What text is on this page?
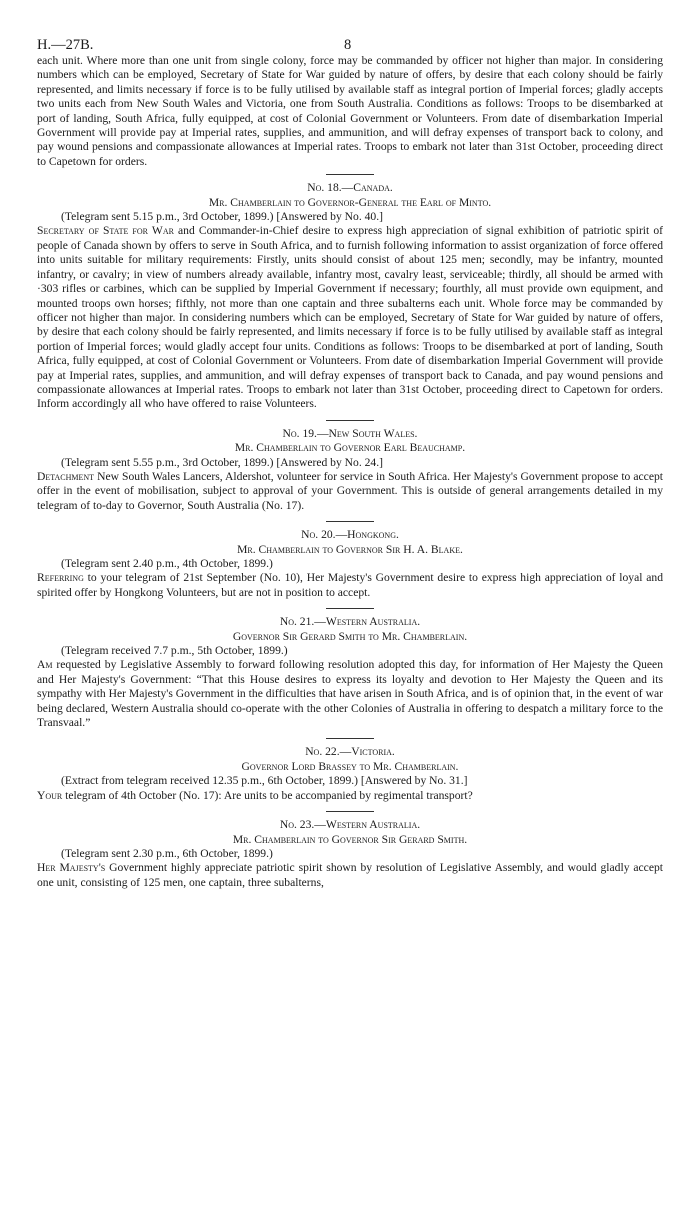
H.—27B.	8

each unit. Where more than one unit from single colony, force may be commanded by officer not higher than major. In considering numbers which can be employed, Secretary of State for War guided by nature of offers, by desire that each colony should be fairly represented, and limits necessary if force is to be fully utilised by available staff as integral portion of Imperial forces; gladly accepts two units each from New South Wales and Victoria, one from South Australia. Conditions as follows: Troops to be disembarked at port of landing, South Africa, fully equipped, at cost of Colonial Government or Volunteers. From date of disembarkation Imperial Government will provide pay at Imperial rates, supplies, and ammunition, and will defray expenses of transport back to colony, and pay wound pensions and compassionate allowances at Imperial rates. Troops to embark not later than 31st October, proceeding direct to Capetown for orders.

No. 18.—Canada.

Mr. Chamberlain to Governor-General the Earl of Minto.

(Telegram sent 5.15 p.m., 3rd October, 1899.) [Answered by No. 40.]

Secretary of State for War and Commander-in-Chief desire to express high appreciation of signal exhibition of patriotic spirit of people of Canada shown by offers to serve in South Africa, and to furnish following information to assist organization of force offered into units suitable for military requirements: Firstly, units should consist of about 125 men; secondly, may be infantry, mounted infantry, or cavalry; in view of numbers already available, infantry most, cavalry least, serviceable; thirdly, all should be armed with ·303 rifles or carbines, which can be supplied by Imperial Government if necessary; fourthly, all must provide own equipment, and mounted troops own horses; fifthly, not more than one captain and three subalterns each unit. Whole force may be commanded by officer not higher than major. In considering numbers which can be employed, Secretary of State for War guided by nature of offers, by desire that each colony should be fairly represented, and limits necessary if force is to be fully utilised by available staff as integral portion of Imperial forces; would gladly accept four units. Conditions as follows: Troops to be disembarked at port of landing, South Africa, fully equipped, at cost of Colonial Government or Volunteers. From date of disembarkation Imperial Government will provide pay at Imperial rates, supplies, and ammunition, and will defray expenses of transport back to Canada, and pay wound pensions and compassionate allowances at Imperial rates. Troops to embark not later than 31st October, proceeding direct to Capetown for orders. Inform accordingly all who have offered to raise Volunteers.

No. 19.—New South Wales.

Mr. Chamberlain to Governor Earl Beauchamp.

(Telegram sent 5.55 p.m., 3rd October, 1899.) [Answered by No. 24.]

Detachment New South Wales Lancers, Aldershot, volunteer for service in South Africa. Her Majesty's Government propose to accept offer in the event of mobilisation, subject to approval of your Government. This is outside of general arrangements detailed in my telegram of to-day to Governor, South Australia (No. 17).

No. 20.—Hongkong.

Mr. Chamberlain to Governor Sir H. A. Blake.

(Telegram sent 2.40 p.m., 4th October, 1899.)

Referring to your telegram of 21st September (No. 10), Her Majesty's Government desire to express high appreciation of loyal and spirited offer by Hongkong Volunteers, but are not in position to accept.

No. 21.—Western Australia.

Governor Sir Gerard Smith to Mr. Chamberlain.

(Telegram received 7.7 p.m., 5th October, 1899.)

Am requested by Legislative Assembly to forward following resolution adopted this day, for information of Her Majesty the Queen and Her Majesty's Government: “That this House desires to express its loyalty and devotion to Her Majesty the Queen and its sympathy with Her Majesty's Government in the difficulties that have arisen in South Africa, and is of opinion that, in the event of war being declared, Western Australia should co-operate with the other Colonies of Australia in offering to despatch a military force to the Transvaal.”

No. 22.—Victoria.

Governor Lord Brassey to Mr. Chamberlain.

(Extract from telegram received 12.35 p.m., 6th October, 1899.) [Answered by No. 31.]

Your telegram of 4th October (No. 17): Are units to be accompanied by regimental transport?

No. 23.—Western Australia.

Mr. Chamberlain to Governor Sir Gerard Smith.

(Telegram sent 2.30 p.m., 6th October, 1899.)

Her Majesty's Government highly appreciate patriotic spirit shown by resolution of Legislative Assembly, and would gladly accept one unit, consisting of 125 men, one captain, three subalterns,
